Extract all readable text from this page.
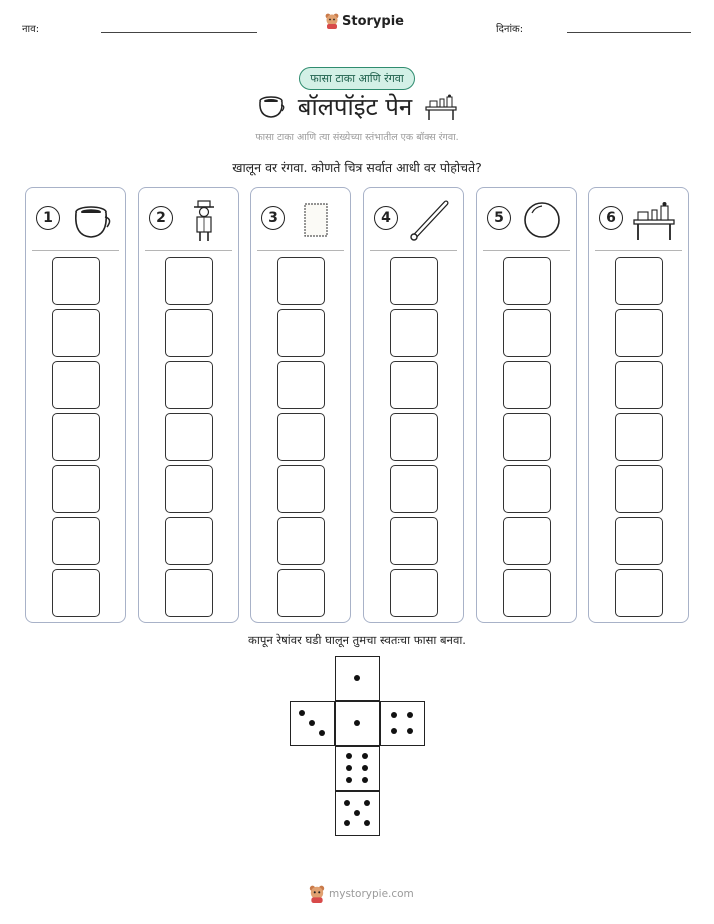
नाव:
Storypie
दिनांक:
फासा टाका आणि रंगवा
बॉलपॉइंट पेन
फासा टाका आणि त्या संख्येच्या स्तंभातील एक बॉक्स रंगवा.
खालून वर रंगवा. कोणते चित्र सर्वात आधी वर पोहोचते?
1	2	3	4	5	6
कापून रेषांवर घडी घालून तुमचा स्वतःचा फासा बनवा.
mystorypie.com
